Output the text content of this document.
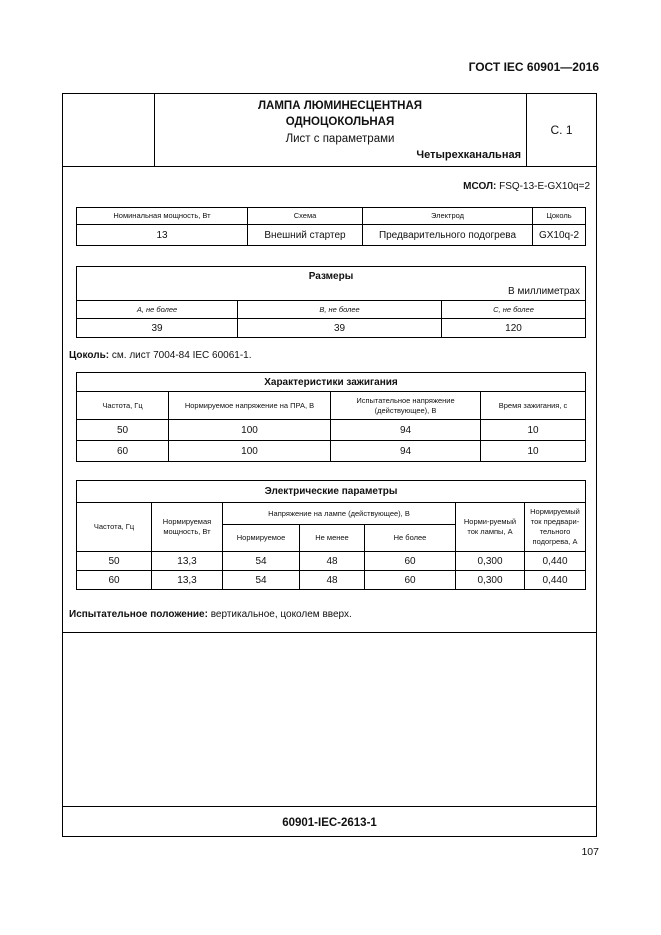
ГОСТ IEC 60901—2016
ЛАМПА ЛЮМИНЕСЦЕНТНАЯ
ОДНОЦОКОЛЬНАЯ
Лист с параметрами
Четырехканальная
С. 1
МСОЛ: FSQ-13-E-GX10q=2
Номинальная мощность, Вт	Схема	Электрод	Цоколь
13	Внешний стартер	Предварительного подогрева	GX10q-2
Размеры
В миллиметрах		

A, не более	B, не более	C, не более
39	39	120
Цоколь: см. лист 7004-84 IEC 60061-1.
Характеристики зажигания			
Частота, Гц	Нормируемое напряжение на ПРА, В	Испытательное напряжение (действующее), В	Время зажигания, с
50	100	94	10
60	100	94	10
Электрические параметры						
Частота, Гц	Нормируемая мощность, Вт	Напряжение на лампе (действующее), В			Норми-руемый ток лампы, А	Нормируемый ток предвари-тельного подогрева, А
		Нормируемое	Не менее	Не более		
50	13,3	54	48	60	0,300	0,440
60	13,3	54	48	60	0,300	0,440
Испытательное положение: вертикальное, цоколем вверх.
60901-IEC-2613-1
107
